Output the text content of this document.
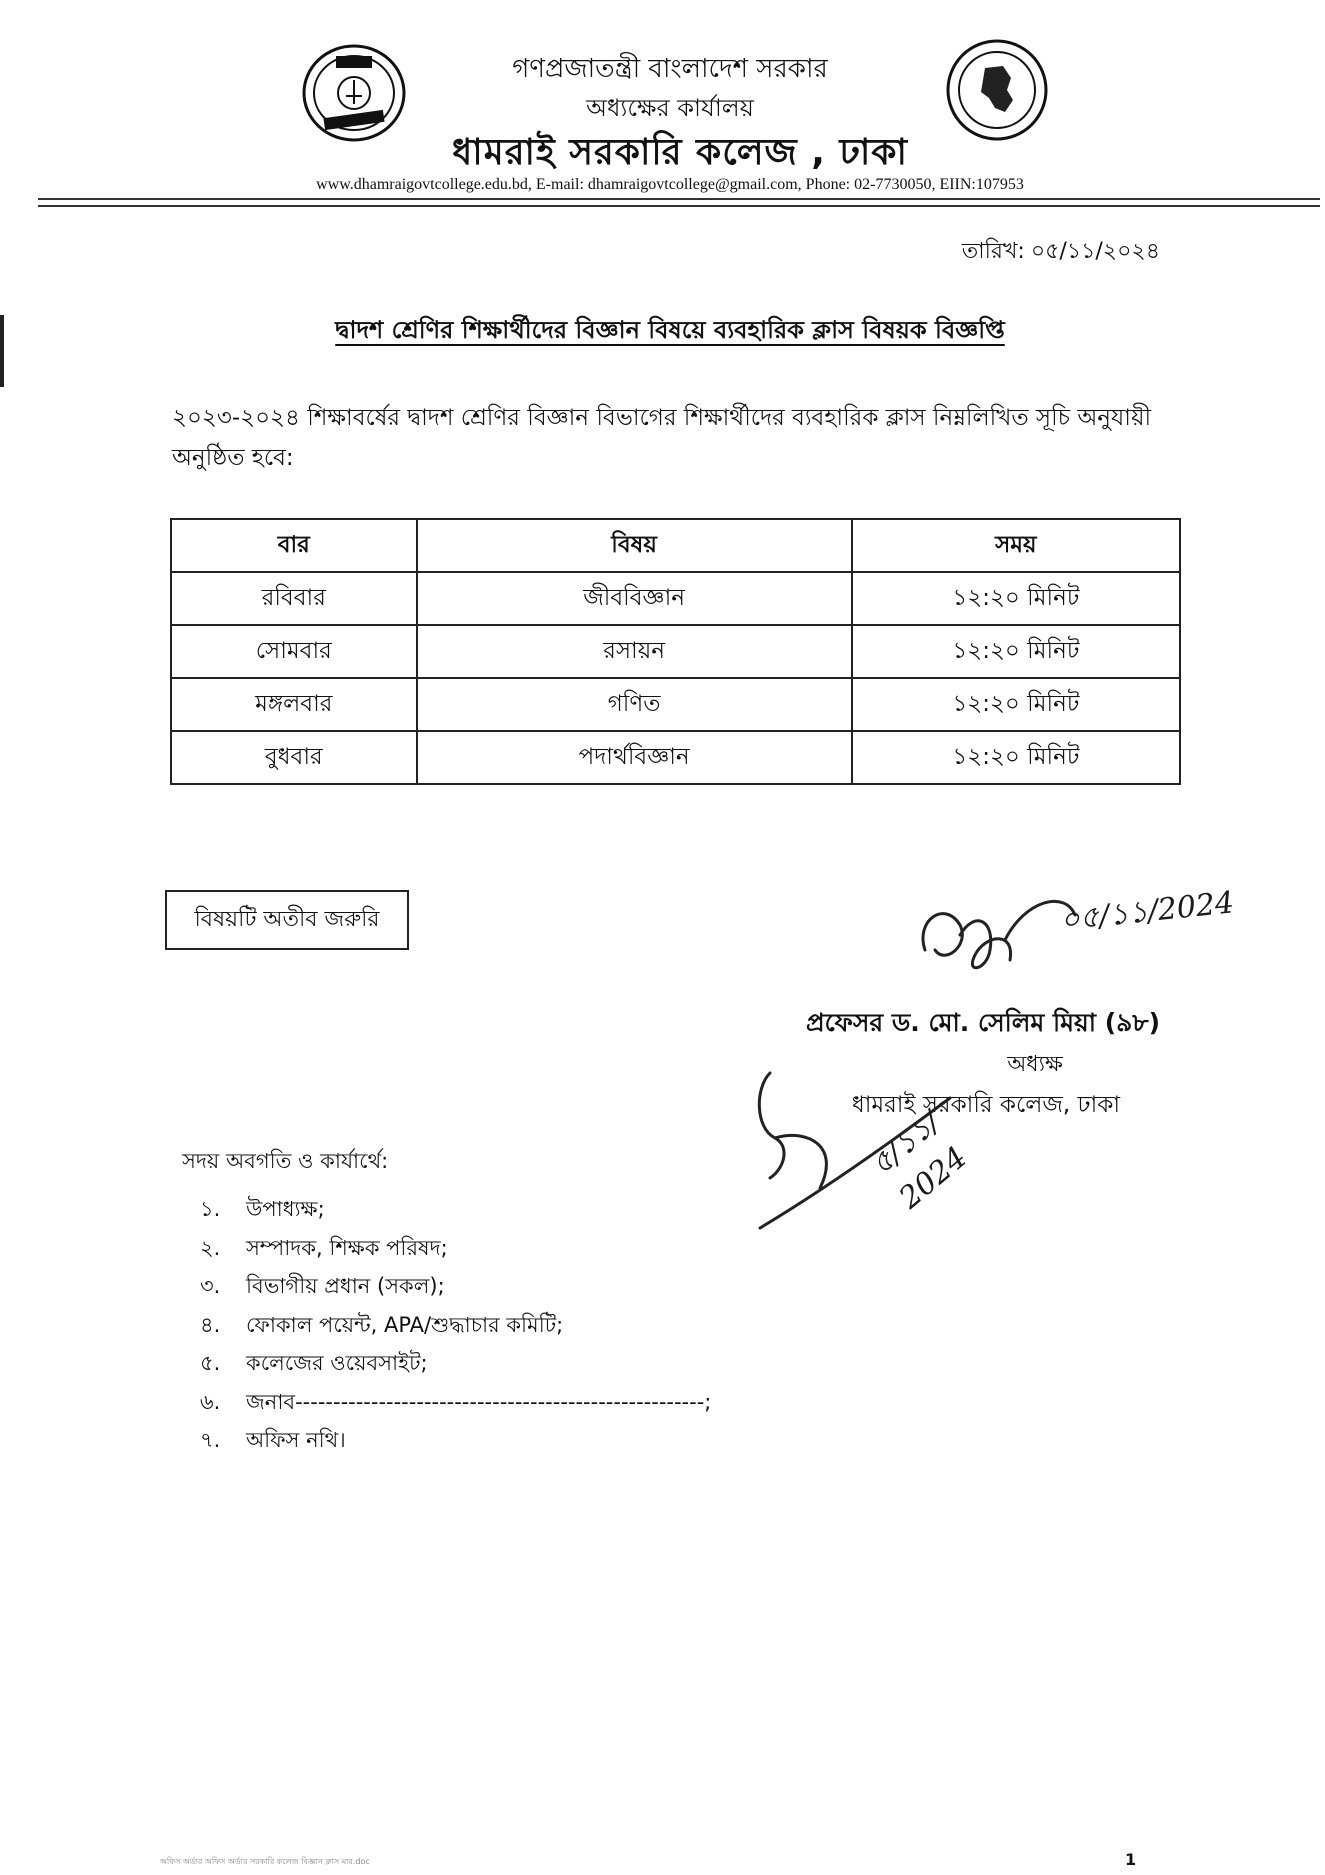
গণপ্রজাতন্ত্রী বাংলাদেশ সরকার
অধ্যক্ষের কার্যালয়
ধামরাই সরকারি কলেজ , ঢাকা
www.dhamraigovtcollege.edu.bd, E-mail: dhamraigovtcollege@gmail.com, Phone: 02-7730050, EIIN:107953
তারিখ: ০৫/১১/২০২৪
দ্বাদশ শ্রেণির শিক্ষার্থীদের বিজ্ঞান বিষয়ে ব্যবহারিক ক্লাস বিষয়ক বিজ্ঞপ্তি
২০২৩-২০২৪ শিক্ষাবর্ষের দ্বাদশ শ্রেণির বিজ্ঞান বিভাগের শিক্ষার্থীদের ব্যবহারিক ক্লাস নিম্নলিখিত সূচি অনুযায়ী অনুষ্ঠিত হবে:
বার	বিষয়	সময়
রবিবার	জীববিজ্ঞান	১২:২০ মিনিট
সোমবার	রসায়ন	১২:২০ মিনিট
মঙ্গলবার	গণিত	১২:২০ মিনিট
বুধবার	পদার্থবিজ্ঞান	১২:২০ মিনিট
বিষয়টি অতীব জরুরি	০৫/১১/2024
প্রফেসর ড. মো. সেলিম মিয়া (৯৮)
অধ্যক্ষ
ধামরাই সরকারি কলেজ, ঢাকা
৫/১১/ 2024
সদয় অবগতি ও কার্যার্থে:
১.	উপাধ্যক্ষ;
২.	সম্পাদক, শিক্ষক পরিষদ;
৩.	বিভাগীয় প্রধান (সকল);
৪.	ফোকাল পয়েন্ট, APA/শুদ্ধাচার কমিটি;
৫.	কলেজের ওয়েবসাইট;
৬.	জনাব------------------------------------------------------;
৭.	অফিস নথি।
অফিস অর্ডার অফিস অর্ডার সরকারি কলেজ বিজ্ঞান ক্লাস মার.doc	1
